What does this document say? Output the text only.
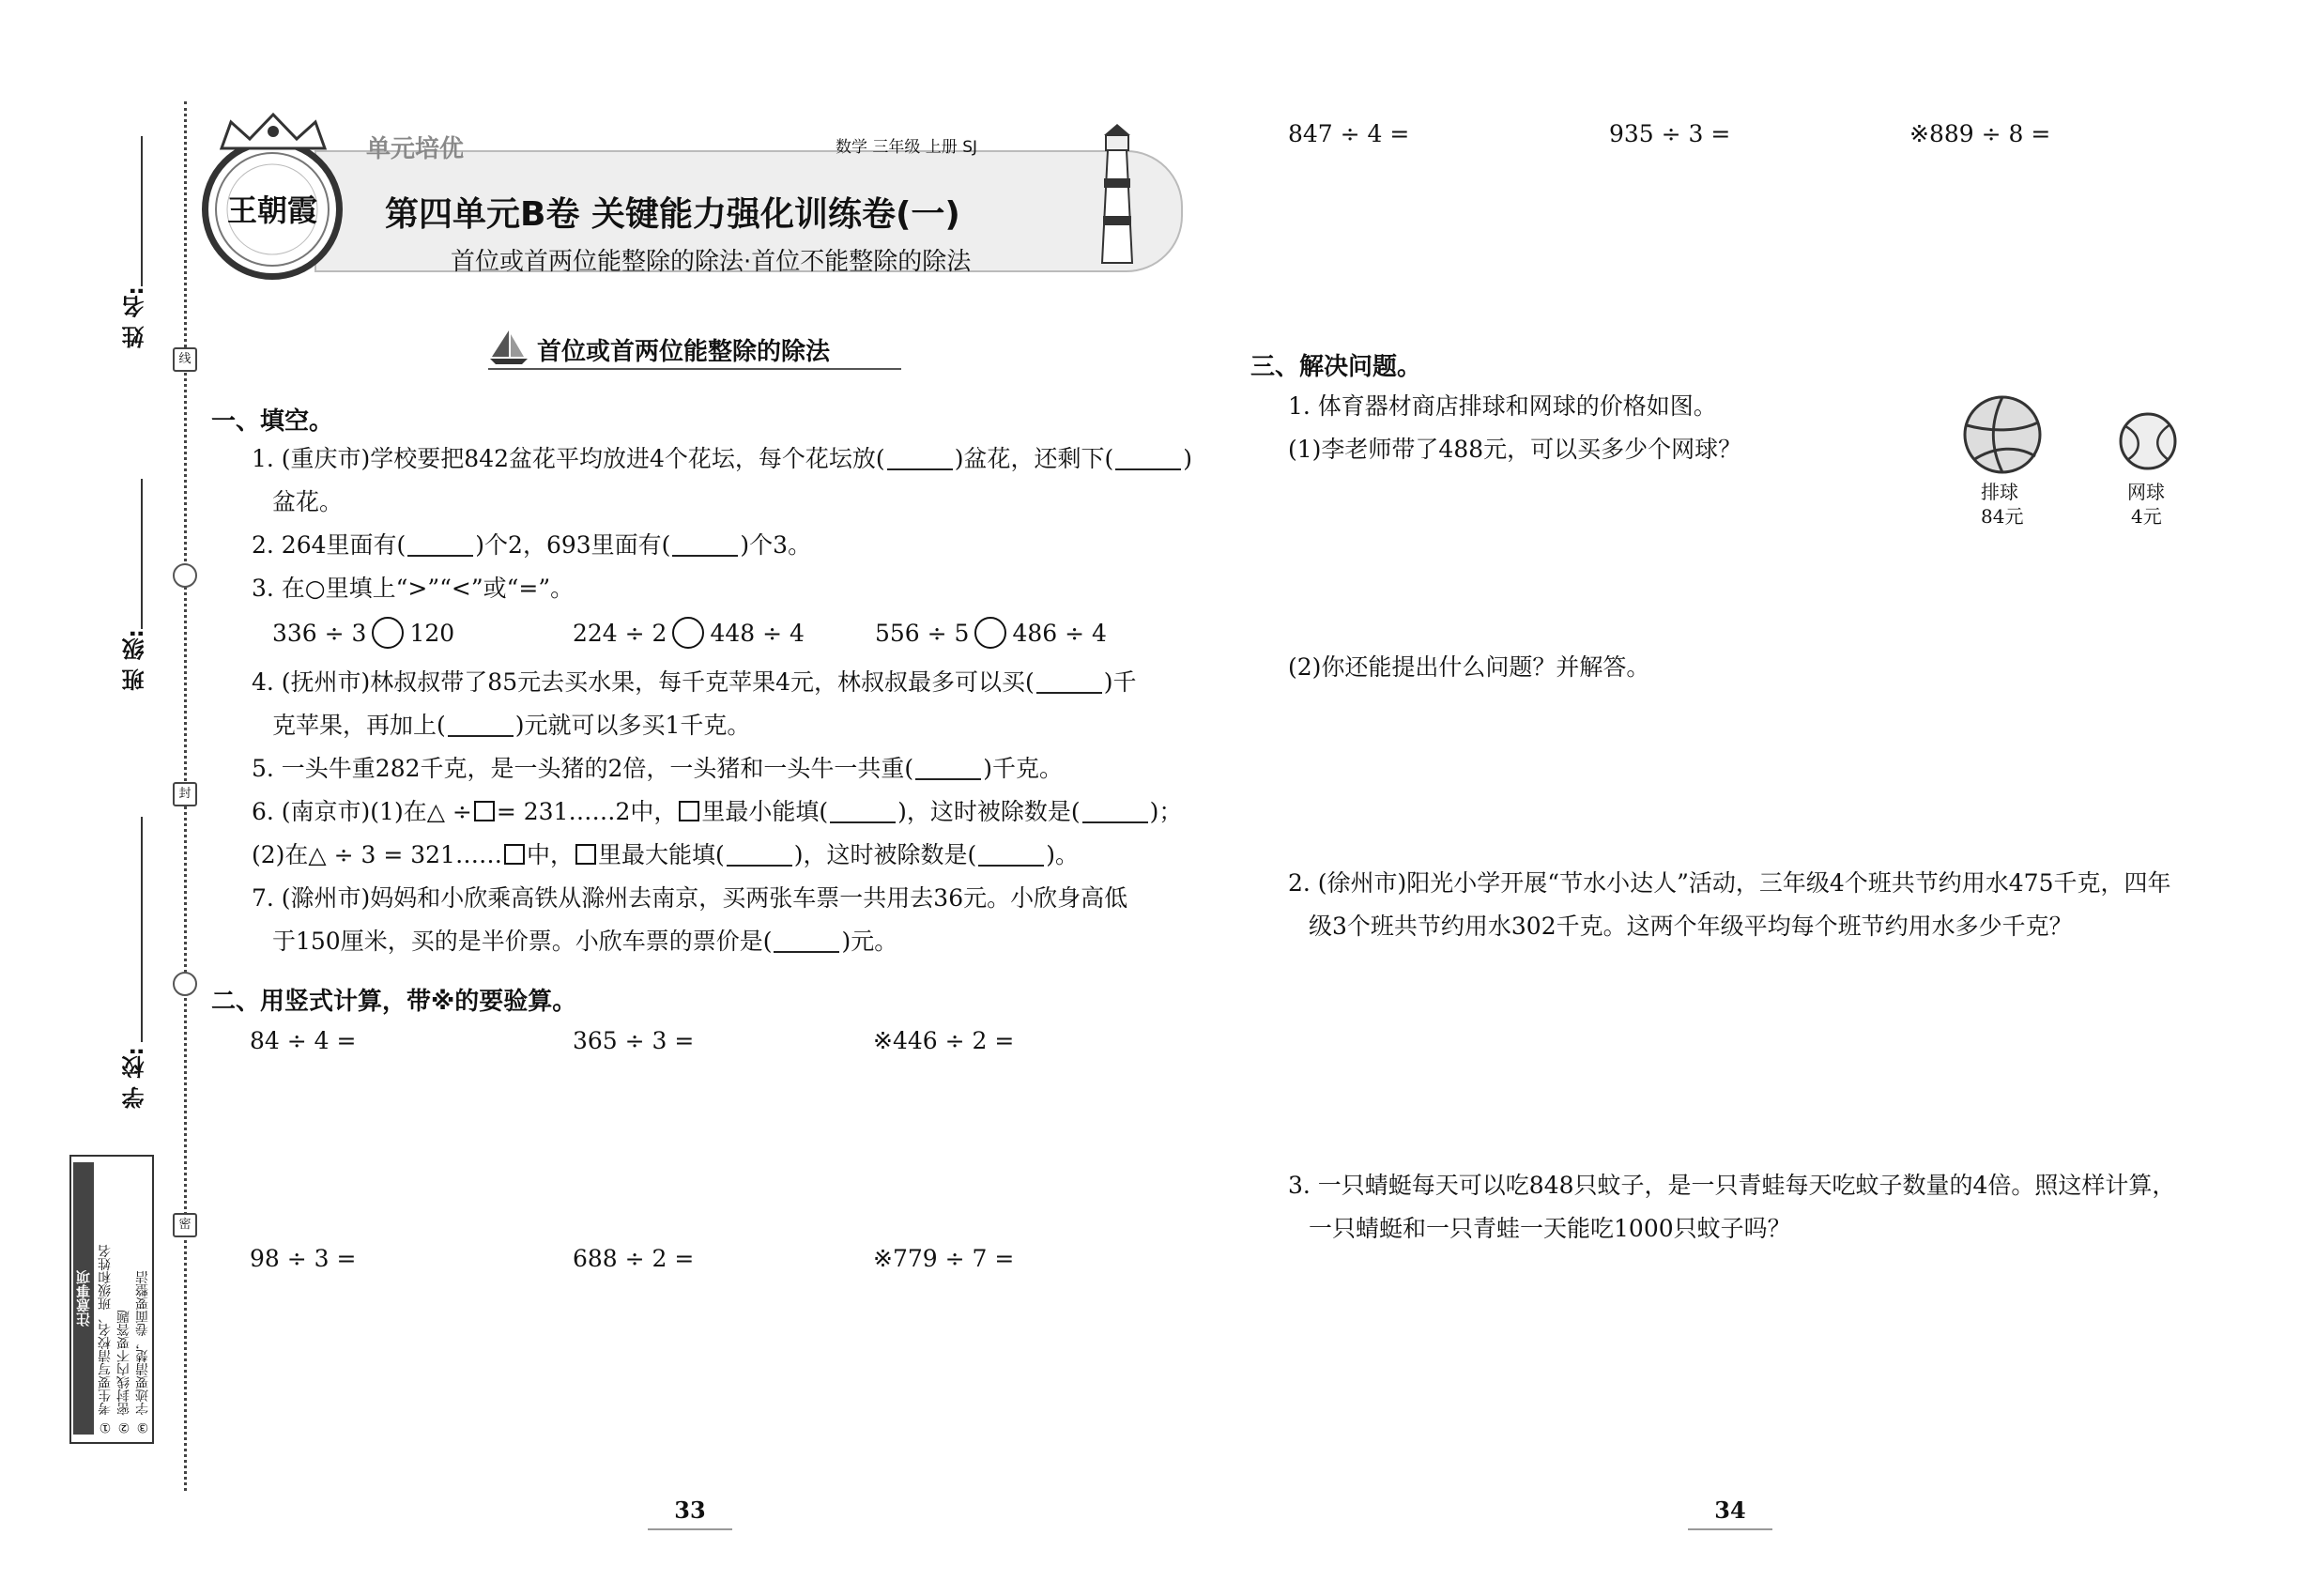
线
封
密
姓 名:
班 级:
学 校:
注意事项 ① 考生要写清校名、班级和姓名 ② 密封线内不要答题 ③ 字迹要清楚，卷面要整洁
王朝霞
单元培优	数学 三年级 上册 SJ
第四单元B卷 关键能力强化训练卷(一)
首位或首两位能整除的除法·首位不能整除的除法
首位或首两位能整除的除法
一、填空。
1. (重庆市)学校要把842盆花平均放进4个花坛，每个花坛放(	)盆花，还剩下(	)
盆花。
2. 264里面有(	)个2，693里面有(	)个3。
3. 在○里填上“>”“<”或“=”。
336 ÷ 3 120	224 ÷ 2 448 ÷ 4	556 ÷ 5 486 ÷ 4
4. (抚州市)林叔叔带了85元去买水果，每千克苹果4元，林叔叔最多可以买(	)千
克苹果，再加上(	)元就可以多买1千克。
5. 一头牛重282千克，是一头猪的2倍，一头猪和一头牛一共重(	)千克。
6. (南京市)(1)在△ ÷ = 231……2中， 里最小能填(	)，这时被除数是(	)；
(2)在△ ÷ 3 = 321…… 中， 里最大能填(	)，这时被除数是(	)。
7. (滁州市)妈妈和小欣乘高铁从滁州去南京，买两张车票一共用去36元。小欣身高低
于150厘米，买的是半价票。小欣车票的票价是(	)元。
二、用竖式计算，带※的要验算。
84 ÷ 4 =	365 ÷ 3 =	※446 ÷ 2 =
98 ÷ 3 =	688 ÷ 2 =	※779 ÷ 7 =
847 ÷ 4 =	935 ÷ 3 =	※889 ÷ 8 =
三、解决问题。
1. 体育器材商店排球和网球的价格如图。
(1)李老师带了488元，可以买多少个网球？
排球
84元
网球
4元
(2)你还能提出什么问题？并解答。
2. (徐州市)阳光小学开展“节水小达人”活动，三年级4个班共节约用水475千克，四年
级3个班共节约用水302千克。这两个年级平均每个班节约用水多少千克？
3. 一只蜻蜓每天可以吃848只蚊子，是一只青蛙每天吃蚊子数量的4倍。照这样计算，
一只蜻蜓和一只青蛙一天能吃1000只蚊子吗？
33	34
